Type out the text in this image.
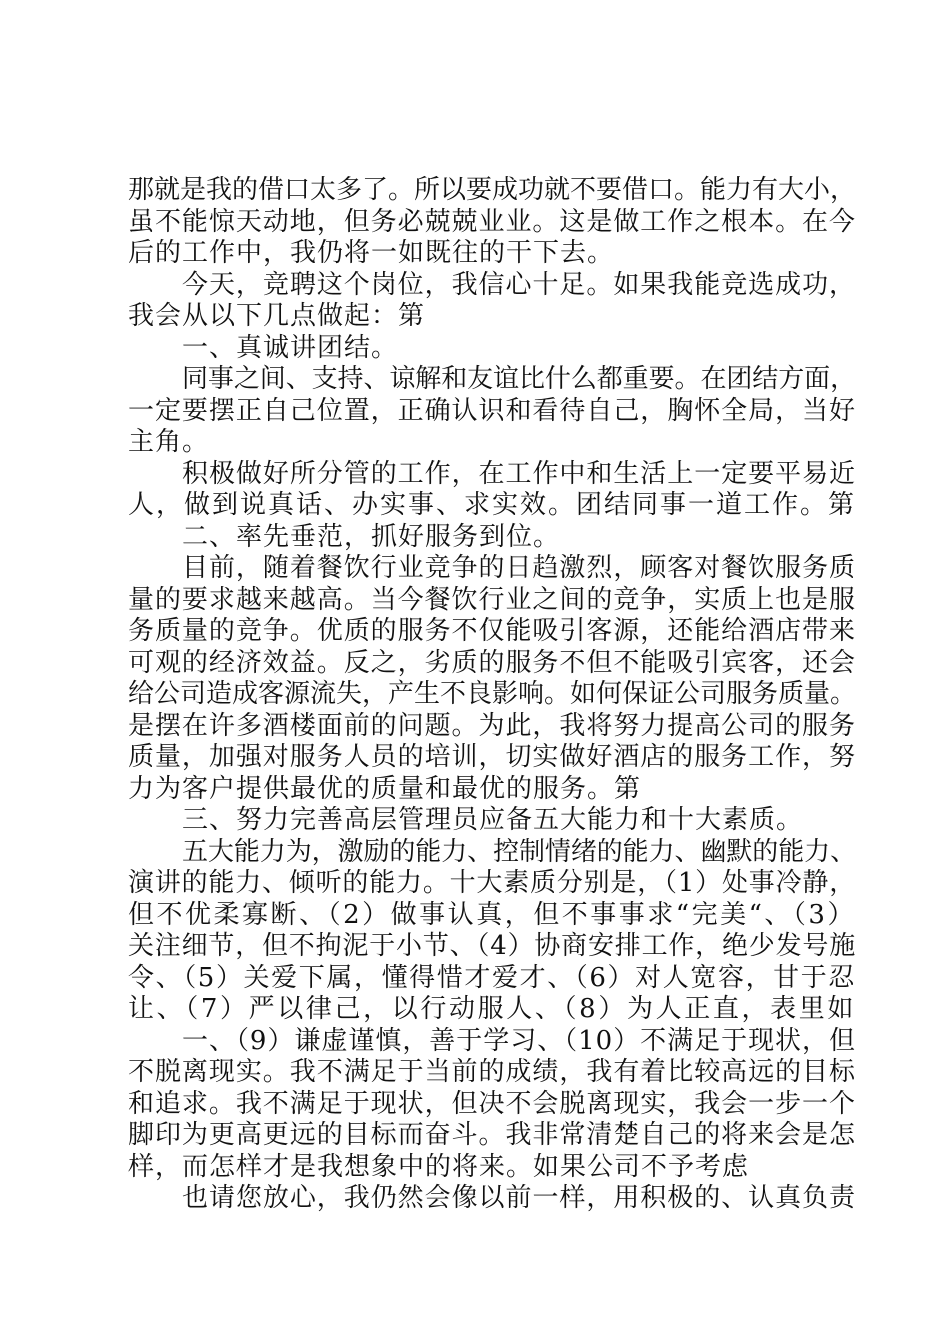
那就是我的借口太多了。所以要成功就不要借口。能力有大小，
虽不能惊天动地，但务必兢兢业业。这是做工作之根本。在今
后的工作中，我仍将一如既往的干下去。
今天，竞聘这个岗位，我信心十足。如果我能竞选成功，
我会从以下几点做起：第
一、真诚讲团结。
同事之间、支持、谅解和友谊比什么都重要。在团结方面，
一定要摆正自己位置，正确认识和看待自己，胸怀全局，当好
主角。
积极做好所分管的工作，在工作中和生活上一定要平易近
人，做到说真话、办实事、求实效。团结同事一道工作。第
二、率先垂范，抓好服务到位。
目前，随着餐饮行业竞争的日趋激烈，顾客对餐饮服务质
量的要求越来越高。当今餐饮行业之间的竞争，实质上也是服
务质量的竞争。优质的服务不仅能吸引客源，还能给酒店带来
可观的经济效益。反之，劣质的服务不但不能吸引宾客，还会
给公司造成客源流失，产生不良影响。如何保证公司服务质量。
是摆在许多酒楼面前的问题。为此，我将努力提高公司的服务
质量，加强对服务人员的培训，切实做好酒店的服务工作，努
力为客户提供最优的质量和最优的服务。第
三、努力完善高层管理员应备五大能力和十大素质。
五大能力为，激励的能力、控制情绪的能力、幽默的能力、
演讲的能力、倾听的能力。十大素质分别是，（1）处事冷静，
但不优柔寡断、（2）做事认真，但不事事求“完美“、（3）
关注细节，但不拘泥于小节、（4）协商安排工作，绝少发号施
令、（5）关爱下属，懂得惜才爱才、（6）对人宽容，甘于忍
让、（7）严以律己，以行动服人、（8）为人正直，表里如
一、（9）谦虚谨慎，善于学习、（10）不满足于现状，但
不脱离现实。我不满足于当前的成绩，我有着比较高远的目标
和追求。我不满足于现状，但决不会脱离现实，我会一步一个
脚印为更高更远的目标而奋斗。我非常清楚自己的将来会是怎
样，而怎样才是我想象中的将来。如果公司不予考虑
也请您放心，我仍然会像以前一样，用积极的、认真负责
